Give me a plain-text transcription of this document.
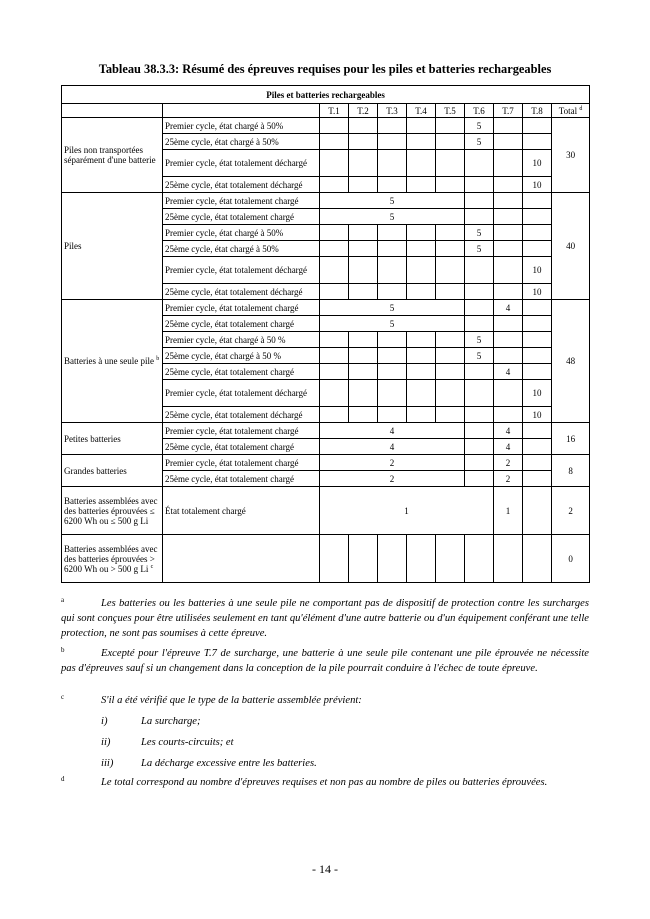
Tableau 38.3.3: Résumé des épreuves requises pour les piles et batteries rechargeables
Piles et batteries rechargeables										
		T.1	T.2	T.3	T.4	T.5	T.6	T.7	T.8	Total $^d$
Piles non transportées séparément d'une batterie	Premier cycle, état chargé à 50%						5			30
	25ème cycle, état chargé à 50%						5			
	Premier cycle, état totalement déchargé								10	
	25ème cycle, état totalement déchargé								10	
Piles	Premier cycle, état totalement chargé	5								40
	25ème cycle, état totalement chargé	5								
	Premier cycle, état chargé à 50%						5			
	25ème cycle, état chargé à 50%						5			
	Premier cycle, état totalement déchargé								10	
	25ème cycle, état totalement déchargé								10	
Batteries à une seule pile $^b$	Premier cycle, état totalement chargé	5						4		48
	25ème cycle, état totalement chargé	5								
	Premier cycle, état chargé à 50 %						5			
	25ème cycle, état chargé à 50 %						5			
	25ème cycle, état totalement chargé							4		
	Premier cycle, état totalement déchargé								10	
	25ème cycle, état totalement déchargé								10	
Petites batteries	Premier cycle, état totalement chargé	4						4		16
	25ème cycle, état totalement chargé	4						4		
Grandes batteries	Premier cycle, état totalement chargé	2						2		8
	25ème cycle, état totalement chargé	2						2		
Batteries assemblées avec des batteries éprouvées ≤ 6200 Wh ou ≤ 500 g Li	État totalement chargé	1						1		2
Batteries assemblées avec des batteries éprouvées > 6200 Wh ou > 500 g Li $^c$										0
a	Les batteries ou les batteries à une seule pile ne comportant pas de dispositif de protection contre les surcharges qui sont conçues pour être utilisées seulement en tant qu'élément d'une autre batterie ou d'un équipement conférant une telle protection, ne sont pas soumises à cette épreuve.
b	Excepté pour l'épreuve T.7 de surcharge, une batterie à une seule pile contenant une pile éprouvée ne nécessite pas d'épreuves sauf si un changement dans la conception de la pile pourrait conduire à l'échec de toute épreuve.
c	S'il a été vérifié que le type de la batterie assemblée prévient:
i)	La surcharge;
ii)	Les courts-circuits; et
iii)	La décharge excessive entre les batteries.
d	Le total correspond au nombre d'épreuves requises et non pas au nombre de piles ou batteries éprouvées.
- 14 -
